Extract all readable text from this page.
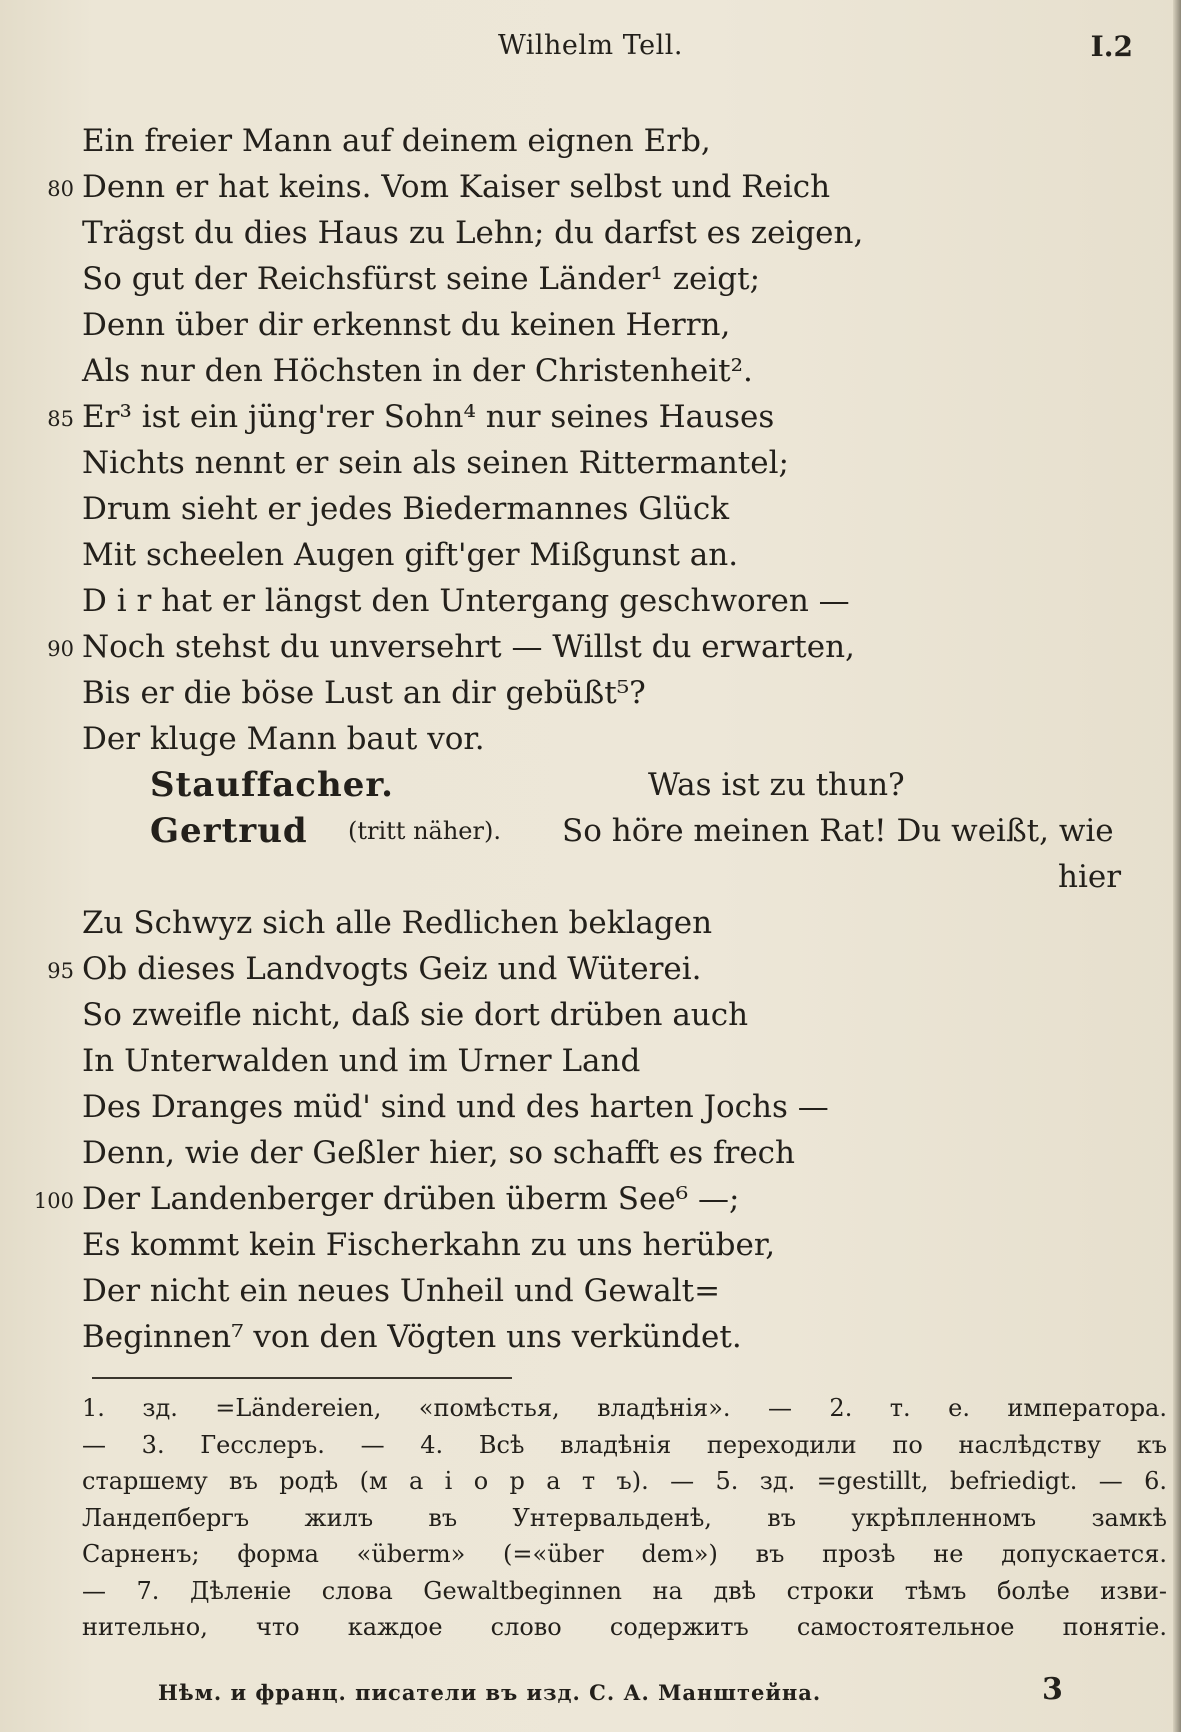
Wilhelm Tell.	I.2
Ein freier Mann auf deinem eignen Erb,
80 Denn er hat keins. Vom Kaiser selbst und Reich
Trägst du dies Haus zu Lehn; du darfst es zeigen,
So gut der Reichsfürst seine Länder¹ zeigt;
Denn über dir erkennst du keinen Herrn,
Als nur den Höchsten in der Christenheit².
85 Er³ ist ein jüng'rer Sohn⁴ nur seines Hauses
Nichts nennt er sein als seinen Rittermantel;
Drum sieht er jedes Biedermannes Glück
Mit scheelen Augen gift'ger Mißgunst an.
D i r hat er längst den Untergang geschworen —
90 Noch stehst du unversehrt — Willst du erwarten,
Bis er die böse Lust an dir gebüßt⁵?
Der kluge Mann baut vor.
Stauffacher.	Was ist zu thun?
Gertrud (tritt näher). So höre meinen Rat! Du weißt, wie
hier
Zu Schwyz sich alle Redlichen beklagen
95 Ob dieses Landvogts Geiz und Wüterei.
So zweifle nicht, daß sie dort drüben auch
In Unterwalden und im Urner Land
Des Dranges müd' sind und des harten Jochs —
Denn, wie der Geßler hier, so schafft es frech
100 Der Landenberger drüben überm See⁶ —;
Es kommt kein Fischerkahn zu uns herüber,
Der nicht ein neues Unheil und Gewalt=
Beginnen⁷ von den Vögten uns verkündet.
1. зд. =Ländereien, «помѣстья, владѣнія». — 2. т. е. императора.
— 3. Гесслеръ. — 4. Всѣ владѣнія переходили по наслѣдству къ
старшему въ родѣ (м а і о р а т ъ). — 5. зд. =gestillt, befriedigt. — 6.
Ландепбергъ жилъ въ Унтервальденѣ, въ укрѣпленномъ замкѣ
Сарненъ; форма «überm» (=«über dem») въ прозѣ не допускается.
— 7. Дѣленіе слова Gewaltbeginnen на двѣ строки тѣмъ болѣе изви-
нительно, что каждое слово содержитъ самостоятельное понятіе.
Нѣм. и франц. писатели въ изд. С. А. Манштейна.	3
